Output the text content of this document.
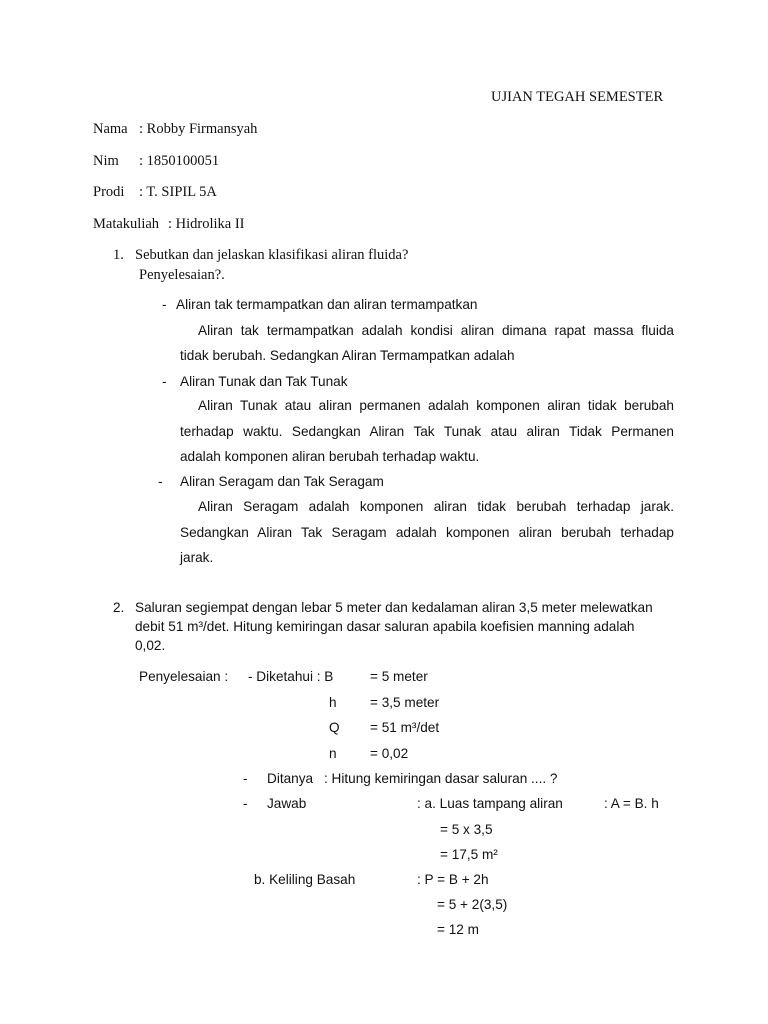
UJIAN TEGAH SEMESTER
Nama : Robby Firmansyah
Nim : 1850100051
Prodi : T. SIPIL 5A
Matakuliah : Hidrolika II
1. Sebutkan dan jelaskan klasifikasi aliran fluida?
Penyelesaian?.
- Aliran tak termampatkan dan aliran termampatkan
Aliran tak termampatkan adalah kondisi aliran dimana rapat massa fluida
tidak berubah. Sedangkan Aliran Termampatkan adalah
- Aliran Tunak dan Tak Tunak
Aliran Tunak atau aliran permanen adalah komponen aliran tidak berubah
terhadap waktu. Sedangkan Aliran Tak Tunak atau aliran Tidak Permanen
adalah komponen aliran berubah terhadap waktu.
- Aliran Seragam dan Tak Seragam
Aliran Seragam adalah komponen aliran tidak berubah terhadap jarak.
Sedangkan Aliran Tak Seragam adalah komponen aliran berubah terhadap
jarak.
2. Saluran segiempat dengan lebar 5 meter dan kedalaman aliran 3,5 meter melewatkan
debit 51 m³/det. Hitung kemiringan dasar saluran apabila koefisien manning adalah
0,02.
Penyelesaian : - Diketahui : B	= 5 meter
h = 3,5 meter
Q = 51 m³/det
n = 0,02
- Ditanya : Hitung kemiringan dasar saluran .... ?
- Jawab	: a. Luas tampang aliran	: A = B. h
= 5 x 3,5
= 17,5 m²
b. Keliling Basah	: P = B + 2h
= 5 + 2(3,5)
= 12 m
